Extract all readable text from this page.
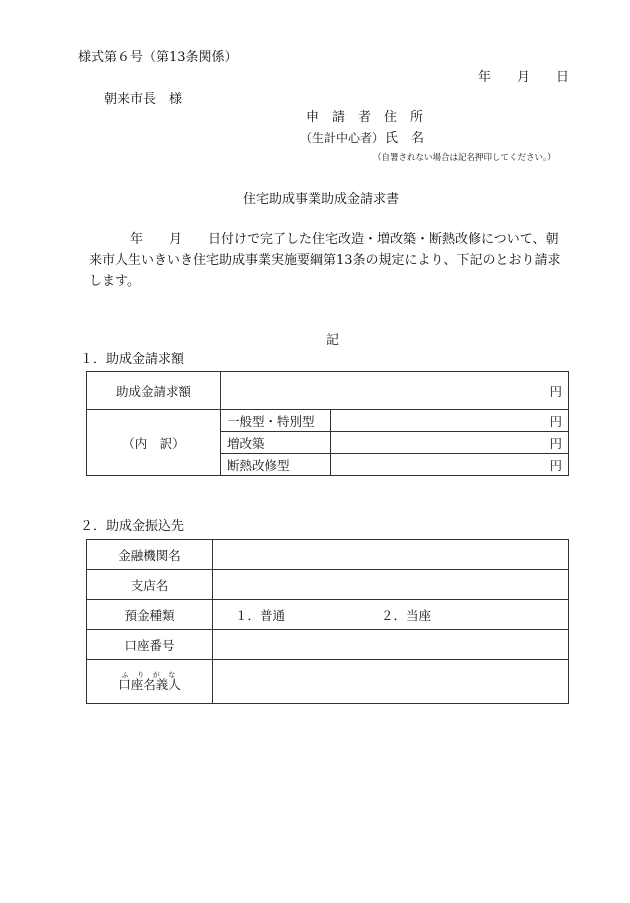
様式第６号（第13条関係）
年　　月　　日
朝来市長　様
申　請　者　住　所
（生計中心者） 氏　名
（自署されない場合は記名押印してください。）
住宅助成事業助成金請求書
年　　月　　日付けで完了した住宅改造・増改築・断熱改修について、朝
来市人生いきいき住宅助成事業実施要綱第13条の規定により、下記のとおり請求
します。
記
１．助成金請求額
助成金請求額	円	
（内　訳）	一般型・特別型	円
	増改築	円
	断熱改修型	円
２．助成金振込先
金融機関名	
支店名	
預金種類	１．普通 ２．当座
口座番号	
口座名義人ふりがな		
